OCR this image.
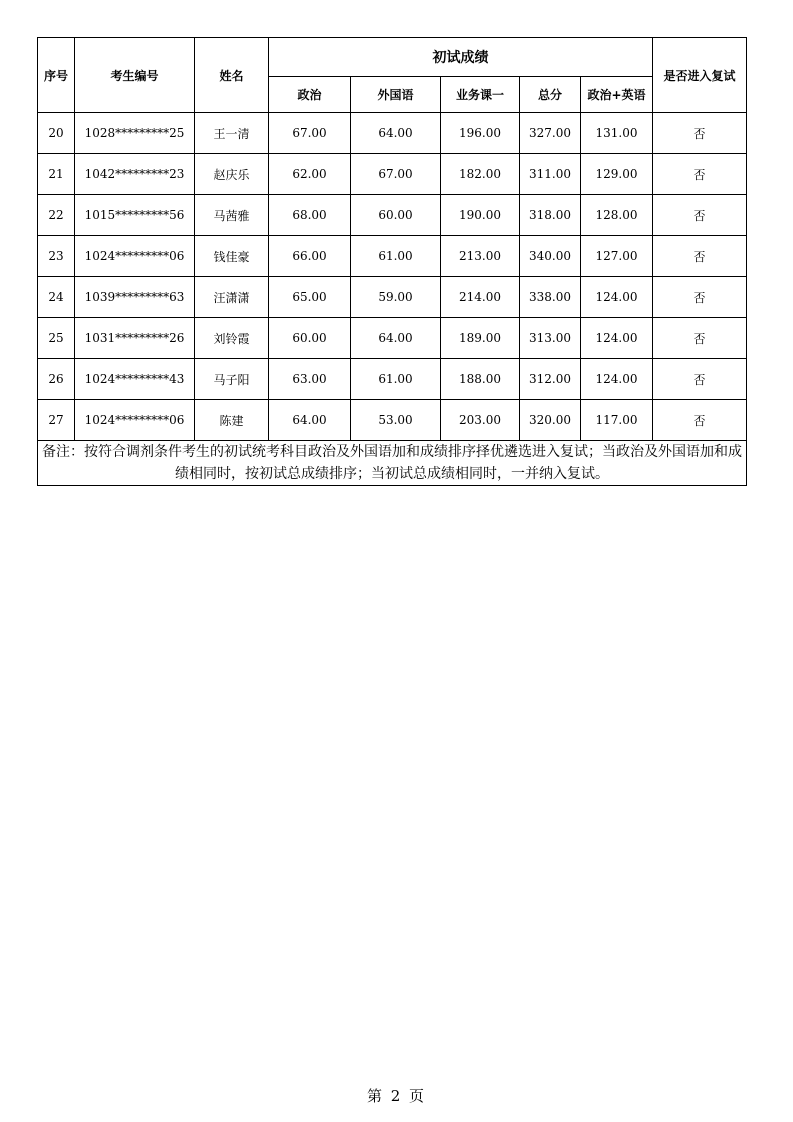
序号	考生编号	姓名	初试成绩					是否进入复试
			政治	外国语	业务课一	总分	政治+英语	
20	1028*********25	王一清	67.00	64.00	196.00	327.00	131.00	否
21	1042*********23	赵庆乐	62.00	67.00	182.00	311.00	129.00	否
22	1015*********56	马茜雅	68.00	60.00	190.00	318.00	128.00	否
23	1024*********06	钱佳豪	66.00	61.00	213.00	340.00	127.00	否
24	1039*********63	汪潇潇	65.00	59.00	214.00	338.00	124.00	否
25	1031*********26	刘铃霞	60.00	64.00	189.00	313.00	124.00	否
26	1024*********43	马子阳	63.00	61.00	188.00	312.00	124.00	否
27	1024*********06	陈建	64.00	53.00	203.00	320.00	117.00	否
备注：按符合调剂条件考生的初试统考科目政治及外国语加和成绩排序择优遴选进入复试；当政治及外国语加和成绩相同时，按初试总成绩排序；当初试总成绩相同时，一并纳入复试。								
第 2 页
